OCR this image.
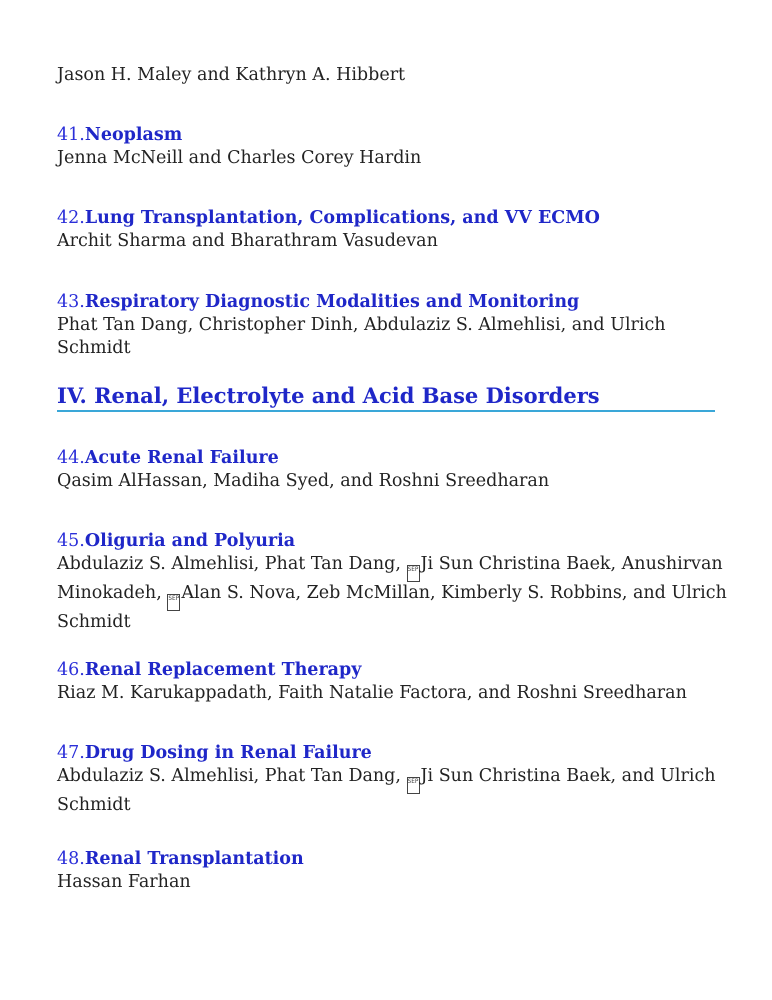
Jason H. Maley and Kathryn A. Hibbert
41.Neoplasm
Jenna McNeill and Charles Corey Hardin
42.Lung Transplantation, Complications, and VV ECMO
Archit Sharma and Bharathram Vasudevan
43.Respiratory Diagnostic Modalities and Monitoring
Phat Tan Dang, Christopher Dinh, Abdulaziz S. Almehlisi, and Ulrich Schmidt
IV. Renal, Electrolyte and Acid Base Disorders
44.Acute Renal Failure
Qasim AlHassan, Madiha Syed, and Roshni Sreedharan
45.Oliguria and Polyuria
Abdulaziz S. Almehlisi, Phat Tan Dang, SEP Ji Sun Christina Baek, Anushirvan Minokadeh, SEP Alan S. Nova, Zeb McMillan, Kimberly S. Robbins, and Ulrich Schmidt
46.Renal Replacement Therapy
Riaz M. Karukappadath, Faith Natalie Factora, and Roshni Sreedharan
47.Drug Dosing in Renal Failure
Abdulaziz S. Almehlisi, Phat Tan Dang, SEP Ji Sun Christina Baek, and Ulrich Schmidt
48.Renal Transplantation
Hassan Farhan
